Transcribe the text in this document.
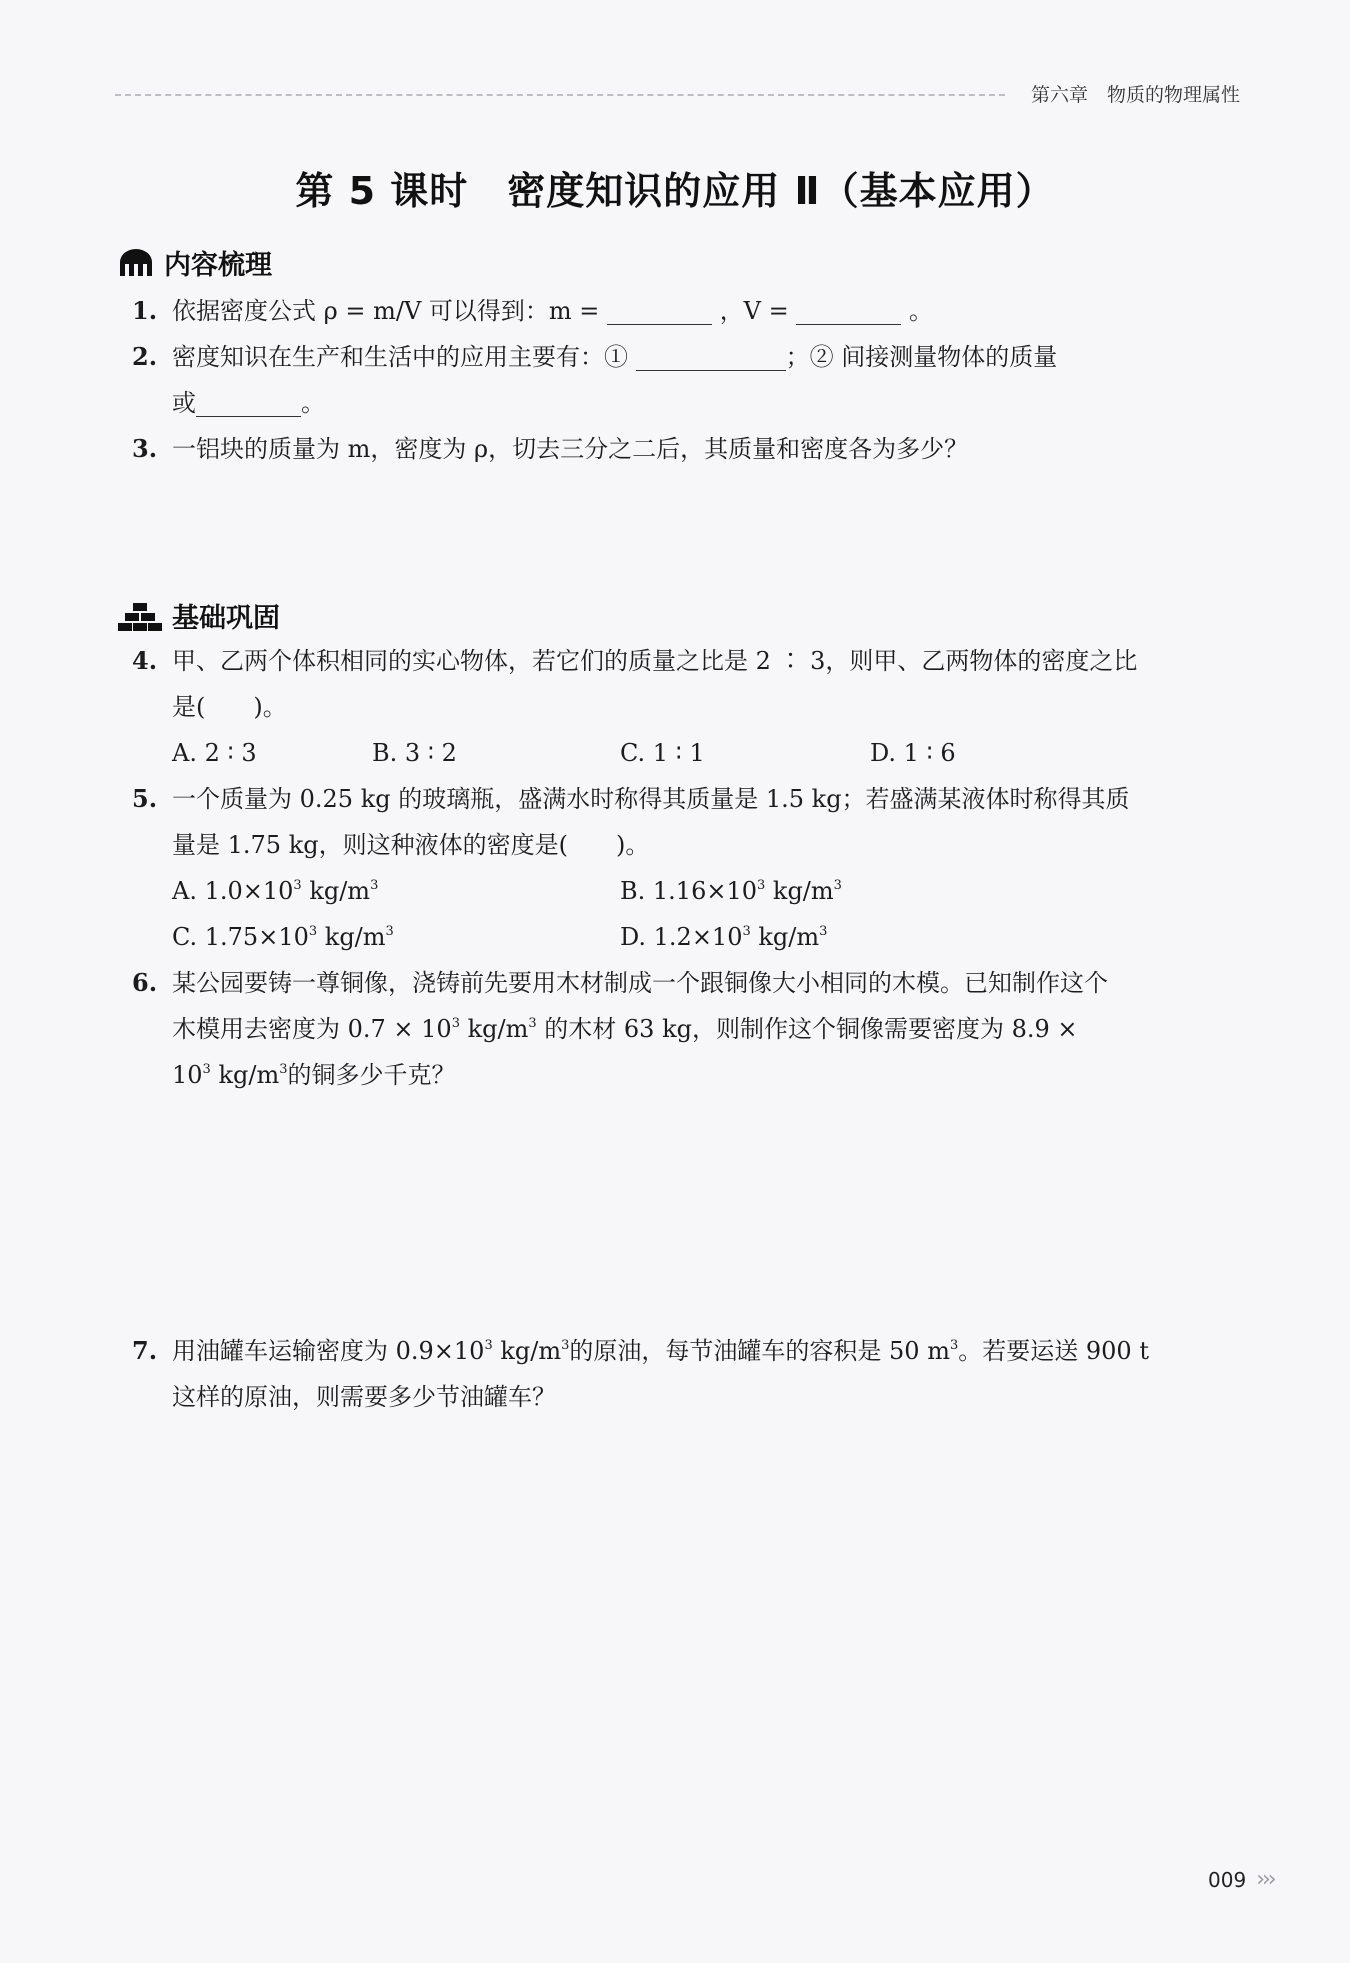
第六章　物质的物理属性
第 5 课时　密度知识的应用 Ⅱ（基本应用）
内容梳理
1. 依据密度公式 ρ = m/V 可以得到：m =	，V =	。
2. 密度知识在生产和生活中的应用主要有：①	；② 间接测量物体的质量
或	。
3. 一铝块的质量为 m，密度为 ρ，切去三分之二后，其质量和密度各为多少？
基础巩固
4. 甲、乙两个体积相同的实心物体，若它们的质量之比是 2 ∶ 3，则甲、乙两物体的密度之比
是(　　)。
A. 2 ∶ 3	B. 3 ∶ 2	C. 1 ∶ 1	D. 1 ∶ 6
5. 一个质量为 0.25 kg 的玻璃瓶，盛满水时称得其质量是 1.5 kg；若盛满某液体时称得其质
量是 1.75 kg，则这种液体的密度是(　　)。
A. $1.0\times 10^3$ $kg/m^3$	B. $1.16\times 10^3$ $kg/m^3$
C. $1.75\times 10^3$ $kg/m^3$	D. $1.2\times 10^3$ $kg/m^3$
6. 某公园要铸一尊铜像，浇铸前先要用木材制成一个跟铜像大小相同的木模。已知制作这个
木模用去密度为 $0.7 \times 10^3$ $kg/m^3$ 的木材 63 kg，则制作这个铜像需要密度为 8.9 ×
$10^3$ $kg/m^3$的铜多少千克？
7. 用油罐车运输密度为 $0.9\times 10^3$ $kg/m^3$的原油，每节油罐车的容积是 50 $m^3$。若要运送 900 t
这样的原油，则需要多少节油罐车？
009 ›››
